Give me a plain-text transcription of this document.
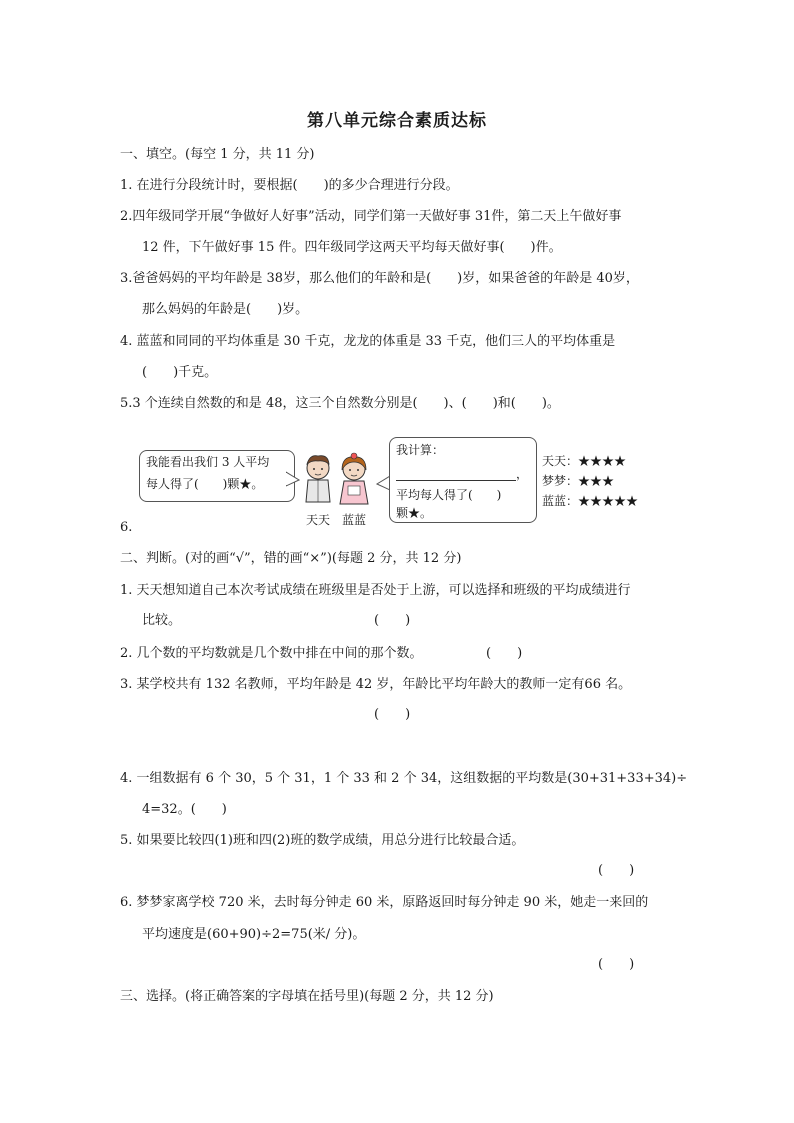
第八单元综合素质达标
一、填空。(每空 1 分，共 11 分)
1. 在进行分段统计时，要根据(　　)的多少合理进行分段。
2.四年级同学开展“争做好人好事”活动，同学们第一天做好事 31件，第二天上午做好事
12 件，下午做好事 15 件。四年级同学这两天平均每天做好事(　　)件。
3.爸爸妈妈的平均年龄是 38岁，那么他们的年龄和是(　　)岁，如果爸爸的年龄是 40岁，
那么妈妈的年龄是(　　)岁。
4. 蓝蓝和同同的平均体重是 30 千克，龙龙的体重是 33 千克，他们三人的平均体重是
(　　)千克。
5.3 个连续自然数的和是 48，这三个自然数分别是(　　)、(　　)和(　　)。
我能看出我们 3 人平均
每人得了(　　)颗★。
天天 蓝蓝
我计算：
，
平均每人得了(　　)
颗★。
天天：★★★★
梦梦：★★★
蓝蓝：★★★★★
6.
二、判断。(对的画“√”，错的画“×”)(每题 2 分，共 12 分)
1. 天天想知道自己本次考试成绩在班级里是否处于上游，可以选择和班级的平均成绩进行
比较。	(　　)
2. 几个数的平均数就是几个数中排在中间的那个数。	(　　)
3. 某学校共有 132 名教师，平均年龄是 42 岁，年龄比平均年龄大的教师一定有66 名。
(　　)
4. 一组数据有 6 个 30，5 个 31，1 个 33 和 2 个 34，这组数据的平均数是(30+31+33+34)÷
4=32。(　　)
5. 如果要比较四(1)班和四(2)班的数学成绩，用总分进行比较最合适。
(　　)
6. 梦梦家离学校 720 米，去时每分钟走 60 米，原路返回时每分钟走 90 米，她走一来回的
平均速度是(60+90)÷2=75(米/ 分)。
(　　)
三、选择。(将正确答案的字母填在括号里)(每题 2 分，共 12 分)
